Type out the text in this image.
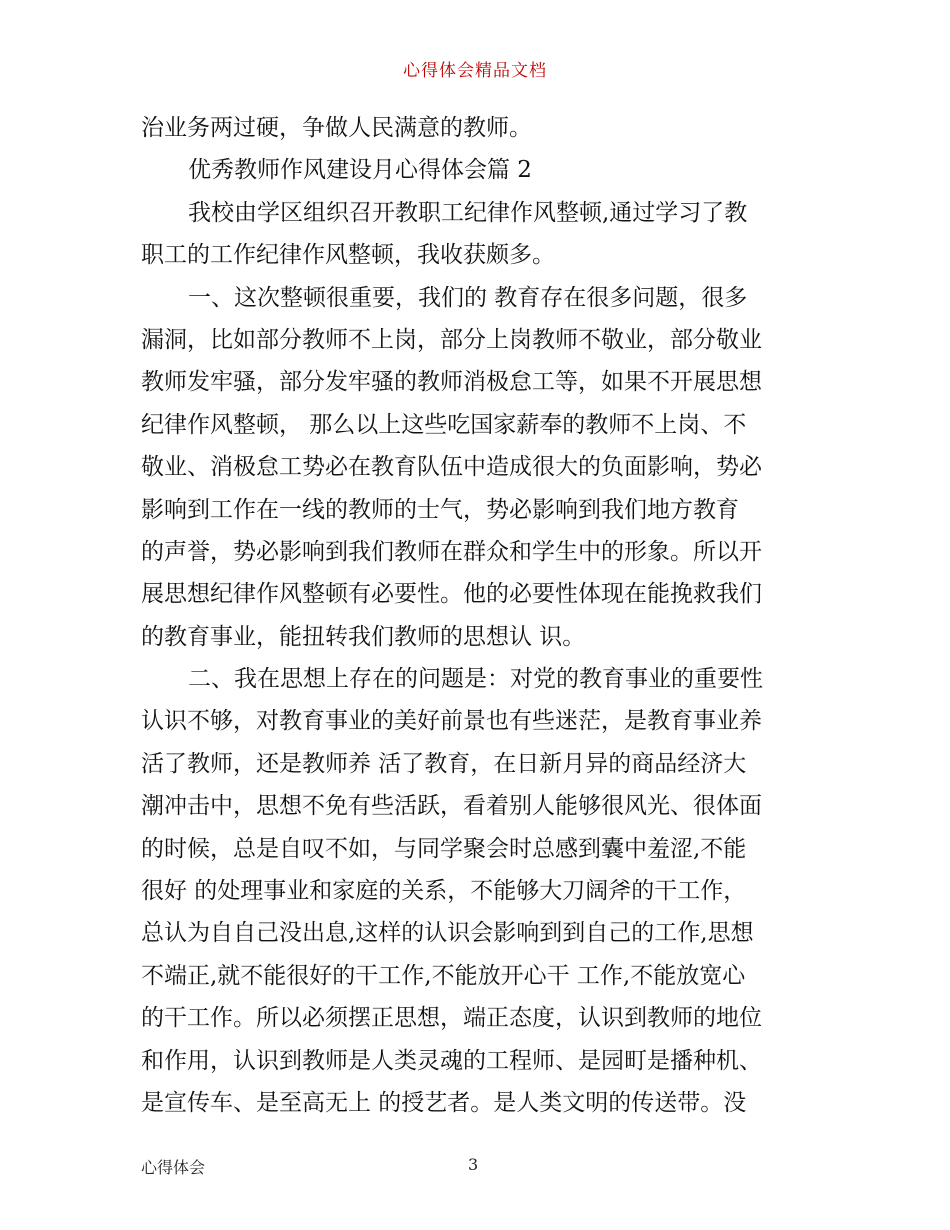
心得体会精品文档
治业务两过硬，争做人民满意的教师。
优秀教师作风建设月心得体会篇 2
我校由学区组织召开教职工纪律作风整顿,通过学习了教
职工的工作纪律作风整顿，我收获颇多。
一、这次整顿很重要，我们的 教育存在很多问题，很多
漏洞，比如部分教师不上岗，部分上岗教师不敬业，部分敬业
教师发牢骚，部分发牢骚的教师消极怠工等，如果不开展思想
纪律作风整顿， 那么以上这些吃国家薪奉的教师不上岗、不
敬业、消极怠工势必在教育队伍中造成很大的负面影响，势必
影响到工作在一线的教师的士气，势必影响到我们地方教育
的声誉，势必影响到我们教师在群众和学生中的形象。所以开
展思想纪律作风整顿有必要性。他的必要性体现在能挽救我们
的教育事业，能扭转我们教师的思想认 识。
二、我在思想上存在的问题是：对党的教育事业的重要性
认识不够，对教育事业的美好前景也有些迷茫，是教育事业养
活了教师，还是教师养 活了教育，在日新月异的商品经济大
潮冲击中，思想不免有些活跃，看着别人能够很风光、很体面
的时候，总是自叹不如，与同学聚会时总感到囊中羞涩,不能
很好 的处理事业和家庭的关系，不能够大刀阔斧的干工作，
总认为自自己没出息,这样的认识会影响到到自己的工作,思想
不端正,就不能很好的干工作,不能放开心干 工作,不能放宽心
的干工作。所以必须摆正思想，端正态度，认识到教师的地位
和作用，认识到教师是人类灵魂的工程师、是园町是播种机、
是宣传车、是至高无上 的授艺者。是人类文明的传送带。没
心得体会	3
